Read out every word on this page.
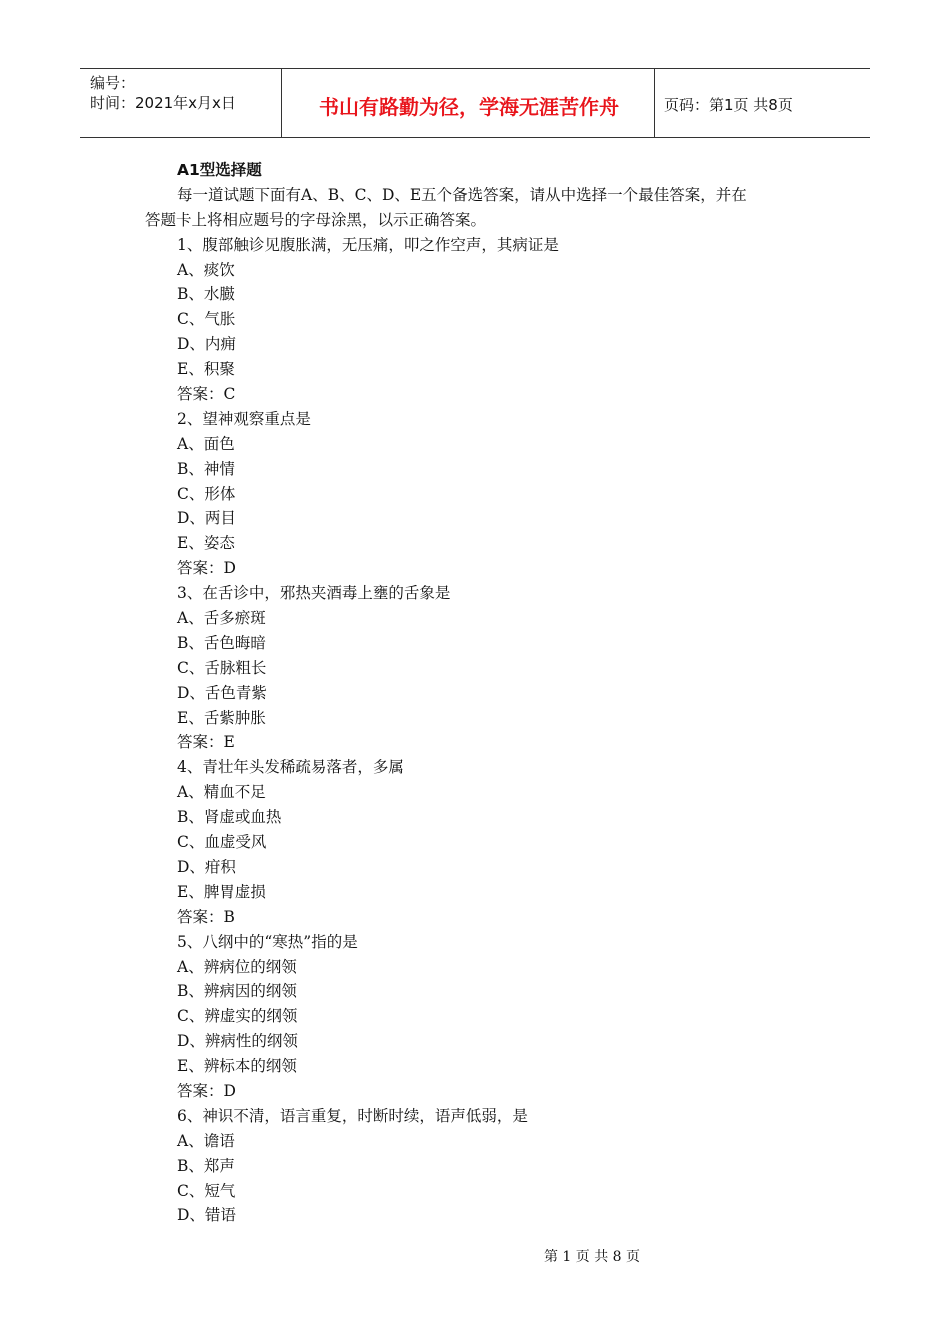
编号：
时间：2021年x月x日	书山有路勤为径，学海无涯苦作舟	页码：第1页 共8页
A1型选择题
每一道试题下面有A、B、C、D、E五个备选答案，请从中选择一个最佳答案，并在
答题卡上将相应题号的字母涂黑，以示正确答案。
1、腹部触诊见腹胀满，无压痛，叩之作空声，其病证是
A、痰饮
B、水臌
C、气胀
D、内痈
E、积聚
答案：C
2、望神观察重点是
A、面色
B、神情
C、形体
D、两目
E、姿态
答案：D
3、在舌诊中，邪热夹酒毒上壅的舌象是
A、舌多瘀斑
B、舌色晦暗
C、舌脉粗长
D、舌色青紫
E、舌紫肿胀
答案：E
4、青壮年头发稀疏易落者，多属
A、精血不足
B、肾虚或血热
C、血虚受风
D、疳积
E、脾胃虚损
答案：B
5、八纲中的“寒热”指的是
A、辨病位的纲领
B、辨病因的纲领
C、辨虚实的纲领
D、辨病性的纲领
E、辨标本的纲领
答案：D
6、神识不清，语言重复，时断时续，语声低弱，是
A、谵语
B、郑声
C、短气
D、错语
第 1 页 共 8 页
